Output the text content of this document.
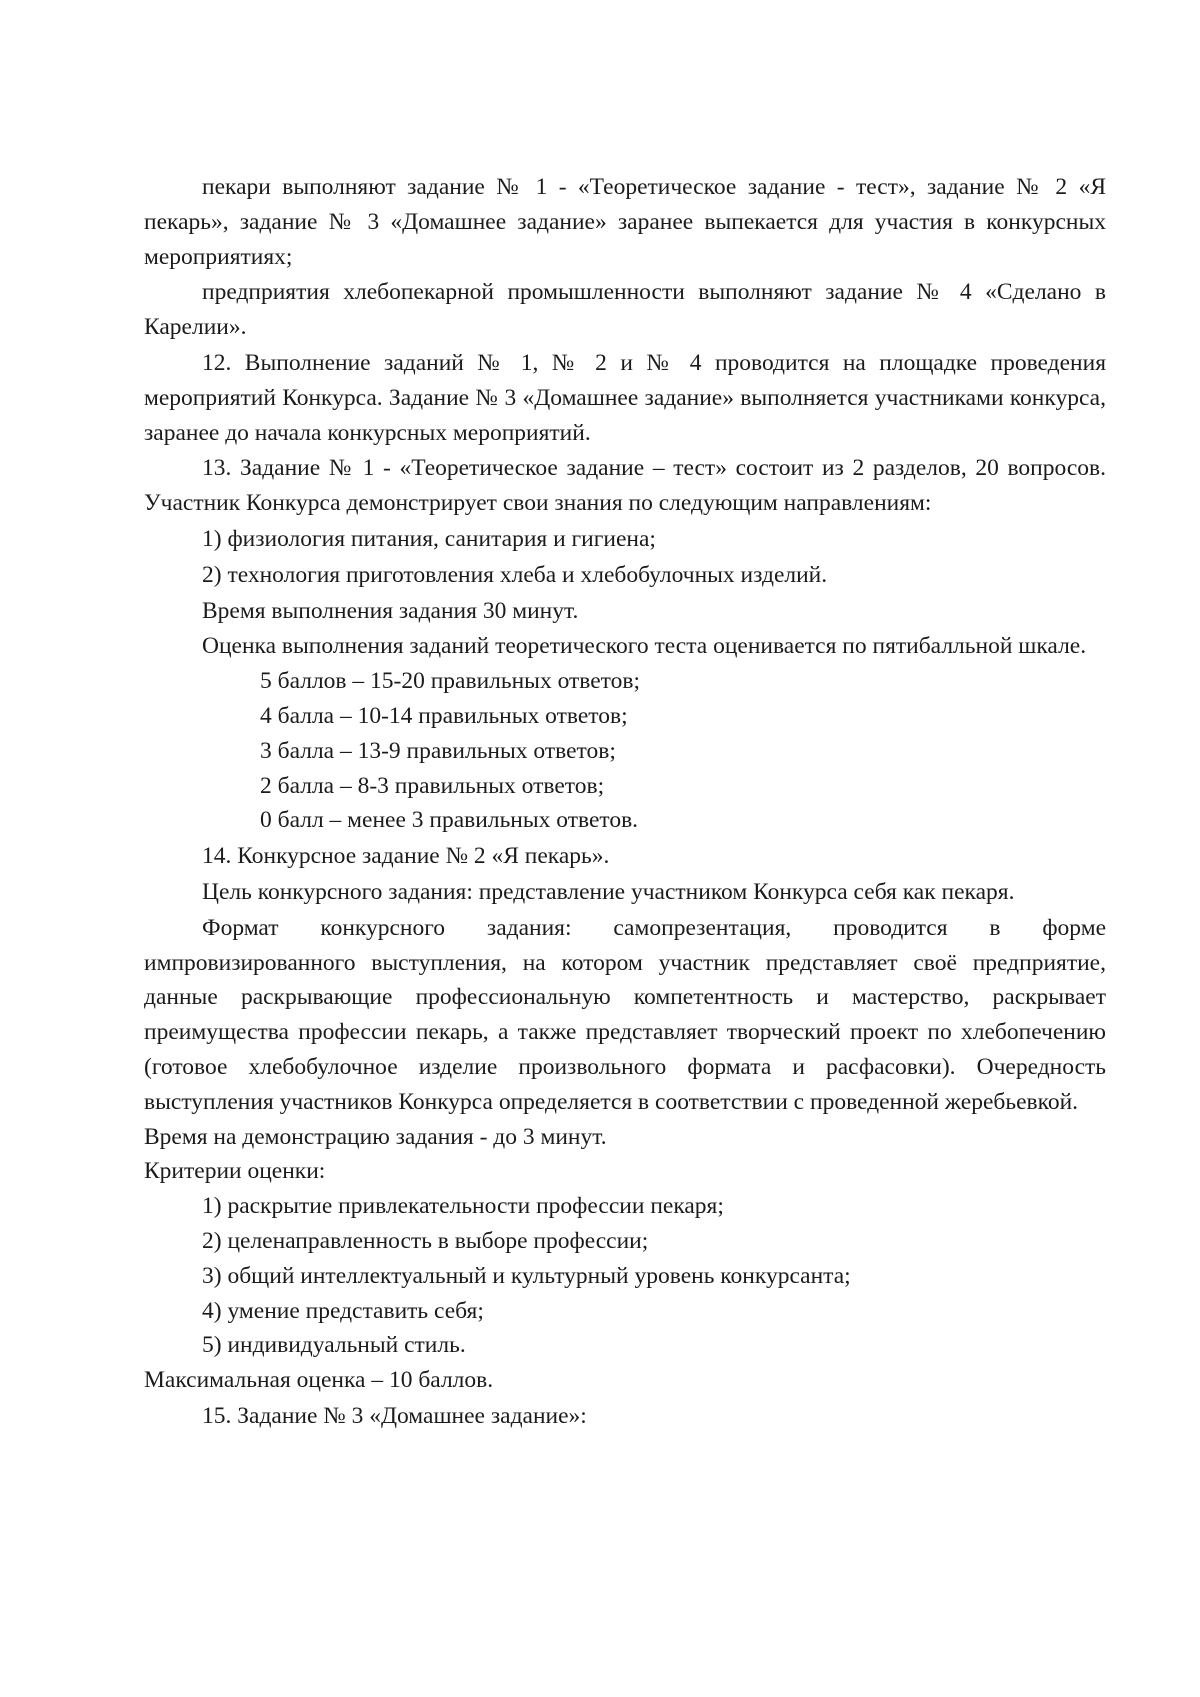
пекари выполняют задание № 1 - «Теоретическое задание - тест», задание № 2 «Я пекарь», задание № 3 «Домашнее задание» заранее выпекается для участия в конкурсных мероприятиях;

предприятия хлебопекарной промышленности выполняют задание № 4 «Сделано в Карелии».

12. Выполнение заданий № 1, № 2 и № 4 проводится на площадке проведения мероприятий Конкурса. Задание № 3 «Домашнее задание» выполняется участниками конкурса, заранее до начала конкурсных мероприятий.

13. Задание № 1 - «Теоретическое задание – тест» состоит из 2 разделов, 20 вопросов. Участник Конкурса демонстрирует свои знания по следующим направлениям:

1) физиология питания, санитария и гигиена;

2) технология приготовления хлеба и хлебобулочных изделий.

Время выполнения задания 30 минут.

Оценка выполнения заданий теоретического теста оценивается по пятибалльной шкале.

5 баллов – 15-20 правильных ответов;

4 балла – 10-14 правильных ответов;

3 балла – 13-9 правильных ответов;

2 балла – 8-3 правильных ответов;

0 балл – менее 3 правильных ответов.

14. Конкурсное задание № 2 «Я пекарь».

Цель конкурсного задания: представление участником Конкурса себя как пекаря.

Формат конкурсного задания: самопрезентация, проводится в форме импровизированного выступления, на котором участник представляет своё предприятие, данные раскрывающие профессиональную компетентность и мастерство, раскрывает преимущества профессии пекарь, а также представляет творческий проект по хлебопечению (готовое хлебобулочное изделие произвольного формата и расфасовки). Очередность выступления участников Конкурса определяется в соответствии с проведенной жеребьевкой.

Время на демонстрацию задания - до 3 минут.

Критерии оценки:

1) раскрытие привлекательности профессии пекаря;

2) целенаправленность в выборе профессии;

3) общий интеллектуальный и культурный уровень конкурсанта;

4) умение представить себя;

5) индивидуальный стиль.

Максимальная оценка – 10 баллов.

15. Задание № 3 «Домашнее задание»:
